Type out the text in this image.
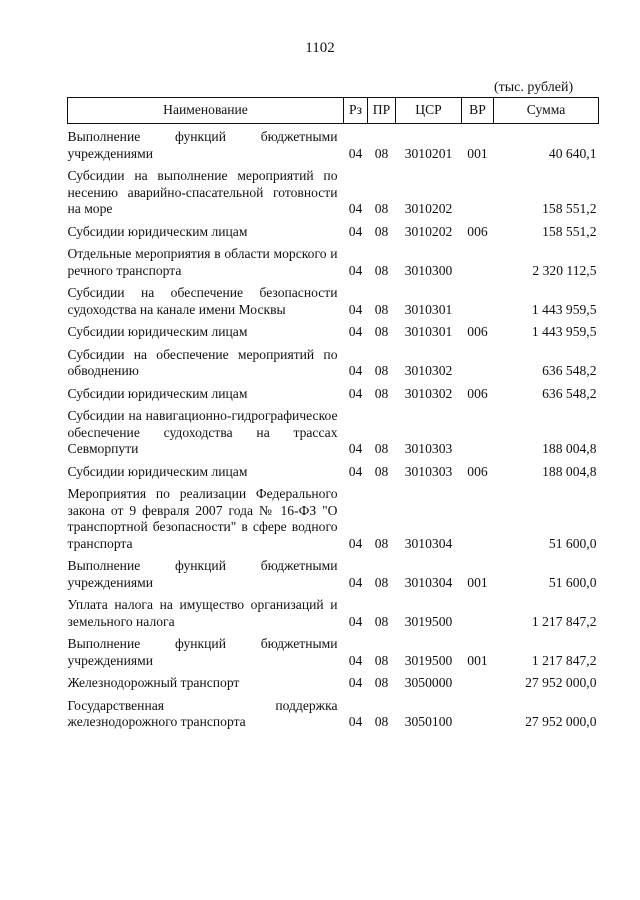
1102
(тыс. рублей)
Наименование	Рз	ПР	ЦСР	ВР	Сумма
Выполнение функций бюджетными учреждениями	04	08	3010201	001	40 640,1
Субсидии на выполнение мероприятий по несению аварийно-спасательной готовности на море	04	08	3010202		158 551,2
Субсидии юридическим лицам	04	08	3010202	006	158 551,2
Отдельные мероприятия в области морского и речного транспорта	04	08	3010300		2 320 112,5
Субсидии на обеспечение безопасности судоходства на канале имени Москвы	04	08	3010301		1 443 959,5
Субсидии юридическим лицам	04	08	3010301	006	1 443 959,5
Субсидии на обеспечение мероприятий по обводнению	04	08	3010302		636 548,2
Субсидии юридическим лицам	04	08	3010302	006	636 548,2
Субсидии на навигационно-гидрографическое обеспечение судоходства на трассах Севморпути	04	08	3010303		188 004,8
Субсидии юридическим лицам	04	08	3010303	006	188 004,8
Мероприятия по реализации Федерального закона от 9 февраля 2007 года № 16-ФЗ "О транспортной безопасности" в сфере водного транспорта	04	08	3010304		51 600,0
Выполнение функций бюджетными учреждениями	04	08	3010304	001	51 600,0
Уплата налога на имущество организаций и земельного налога	04	08	3019500		1 217 847,2
Выполнение функций бюджетными учреждениями	04	08	3019500	001	1 217 847,2
Железнодорожный транспорт	04	08	3050000		27 952 000,0
Государственная поддержка железнодорожного транспорта	04	08	3050100		27 952 000,0
